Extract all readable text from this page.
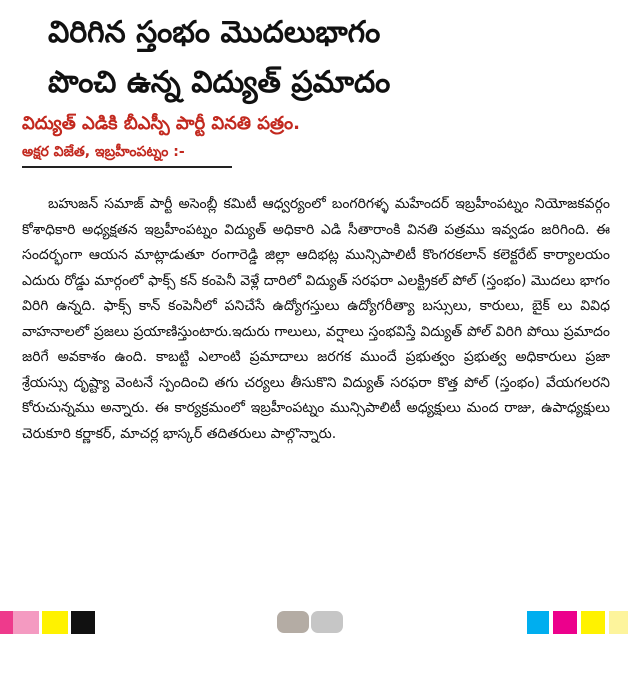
విరిగిన స్తంభం మొదలుభాగం
పొంచి ఉన్న విద్యుత్ ప్రమాదం
విద్యుత్ ఎడికి బీఎస్పీ పార్టీ వినతి పత్రం.
అక్షర విజేత, ఇబ్రహీంపట్నం :-

బహుజన్ సమాజ్ పార్టీ అసెంబ్లీ కమిటీ ఆధ్వర్యంలో బంగరిగళ్ళ మహేందర్ ఇబ్రహీంపట్నం నియోజకవర్గం కోశాధికారి అధ్యక్షతన ఇబ్రహీంపట్నం విద్యుత్ అధికారి ఎడి సీతారాంకి వినతి పత్రము ఇవ్వడం జరిగింది. ఈ సందర్భంగా ఆయన మాట్లాడుతూ రంగారెడ్డి జిల్లా ఆదిభట్ల మున్సిపాలిటీ కొంగరకలాన్ కలెక్టరేట్ కార్యాలయం ఎదురు రోడ్డు మార్గంలో ఫాక్స్ కన్ కంపెనీ వెళ్లే దారిలో విద్యుత్ సరఫరా ఎలక్ట్రికల్ పోల్ (స్తంభం) మొదలు భాగం విరిగి ఉన్నది. ఫాక్స్ కాన్ కంపెనీలో పనిచేసే ఉద్యోగస్తులు ఉద్యోగరీత్యా బస్సులు, కారులు, బైక్ లు వివిధ వాహనాలలో ప్రజలు ప్రయాణిస్తుంటారు.ఇదురు గాలులు, వర్షాలు స్తంభవిస్తే విద్యుత్ పోల్ విరిగి పోయి ప్రమాదం జరిగే అవకాశం ఉంది. కాబట్టి ఎలాంటి ప్రమాదాలు జరగక ముందే ప్రభుత్వం ప్రభుత్వ అధికారులు ప్రజా శ్రేయస్సు దృష్ట్యా వెంటనే స్పందించి తగు చర్యలు తీసుకొని విద్యుత్ సరఫరా కొత్త పోల్ (స్తంభం) వేయగలరని కోరుచున్నము అన్నారు. ఈ కార్యక్రమంలో ఇబ్రహీంపట్నం మున్సిపాలిటీ అధ్యక్షులు మంద రాజు, ఉపాధ్యక్షులు చెరుకూరి కర్ణాకర్, మాచర్ల భాస్కర్ తదితరులు పాల్గొన్నారు.
